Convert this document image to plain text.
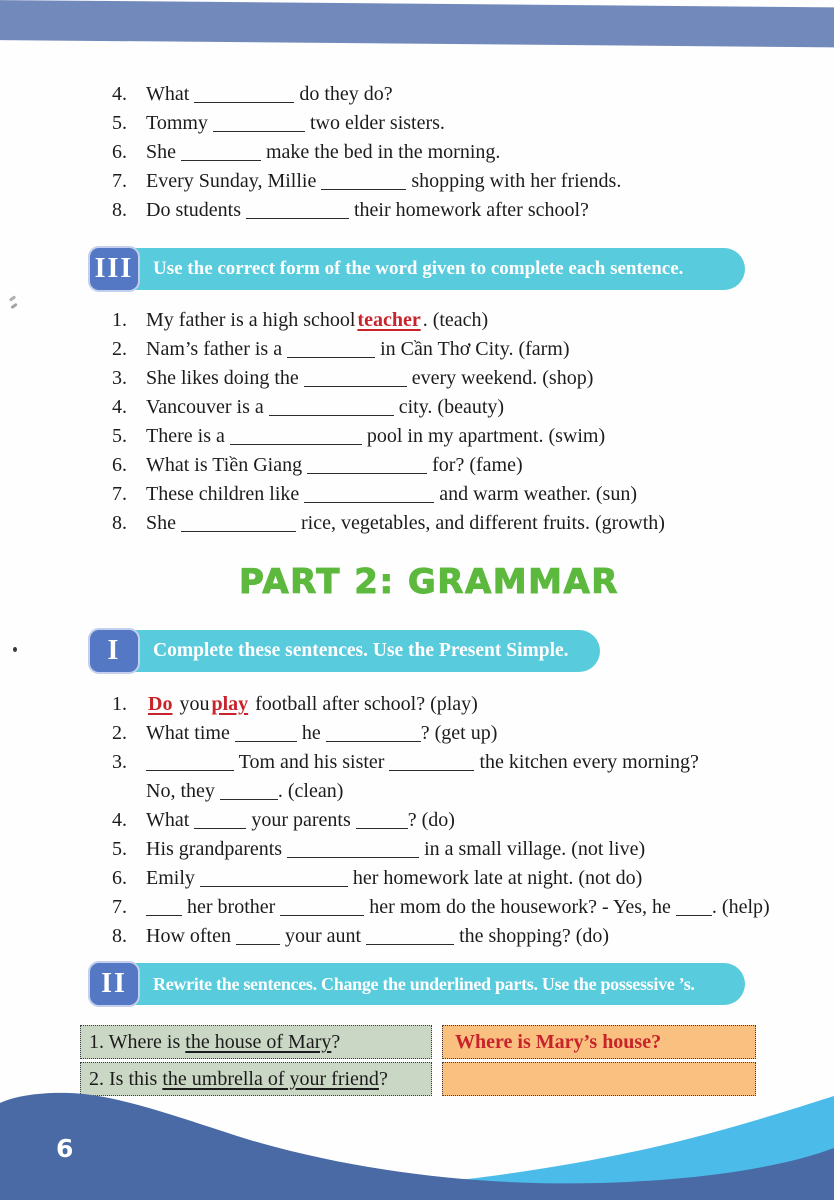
4. What	do they do?
5. Tommy	two elder sisters.
6. She	make the bed in the morning.
7. Every Sunday, Millie	shopping with her friends.
8. Do students	their homework after school?
III	Use the correct form of the word given to complete each sentence.
1. My father is a high school teacher . (teach)
2. Nam’s father is a	in Cần Thơ City. (farm)
3. She likes doing the	every weekend. (shop)
4. Vancouver is a	city. (beauty)
5. There is a	pool in my apartment. (swim)
6. What is Tiền Giang	for? (fame)
7. These children like	and warm weather. (sun)
8. She	rice, vegetables, and different fruits. (growth)
PART 2: GRAMMAR
I	Complete these sentences. Use the Present Simple.
1.	Do you play football after school? (play)
2. What time	he	? (get up)
3.	Tom and his sister	the kitchen every morning?
No, they	. (clean)
4. What	your parents	? (do)
5. His grandparents	in a small village. (not live)
6. Emily	her homework late at night. (not do)
7.	her brother	her mom do the housework? - Yes, he . (help)
8. How often  your aunt	the shopping? (do)
II	Rewrite the sentences. Change the underlined parts. Use the possessive ’s.
1. Where is the house of Mary?	Where is Mary’s house?
2. Is this the umbrella of your friend?
6
